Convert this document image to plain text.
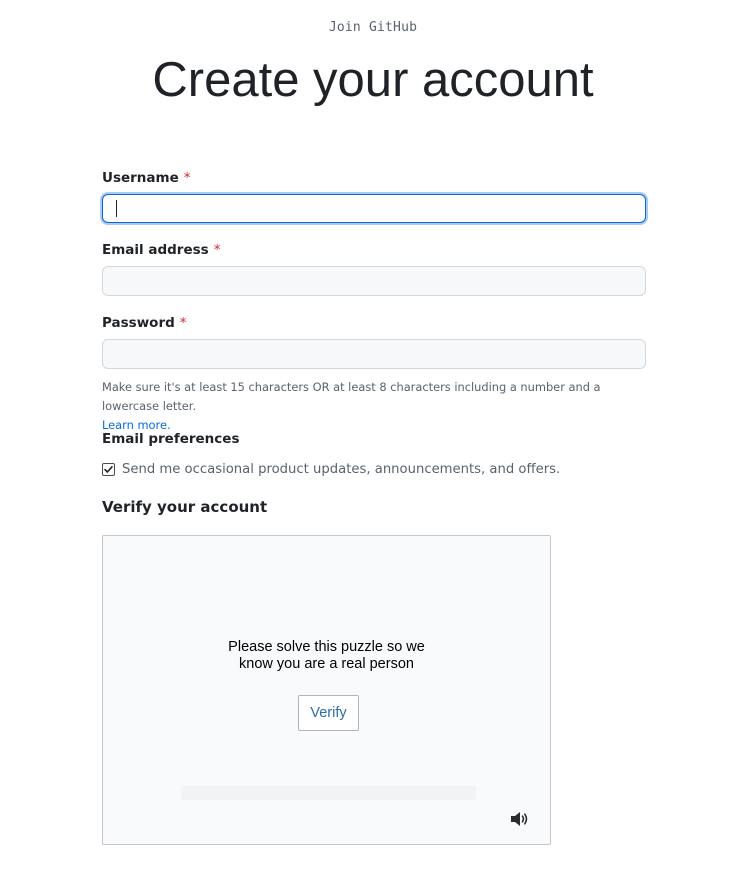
Join GitHub
Create your account
Username *
Email address *
Password *
Make sure it's at least 15 characters OR at least 8 characters including a number and a lowercase letter.
Learn more.
Email preferences
Send me occasional product updates, announcements, and offers.
Verify your account
Please solve this puzzle so we
know you are a real person
Verify
